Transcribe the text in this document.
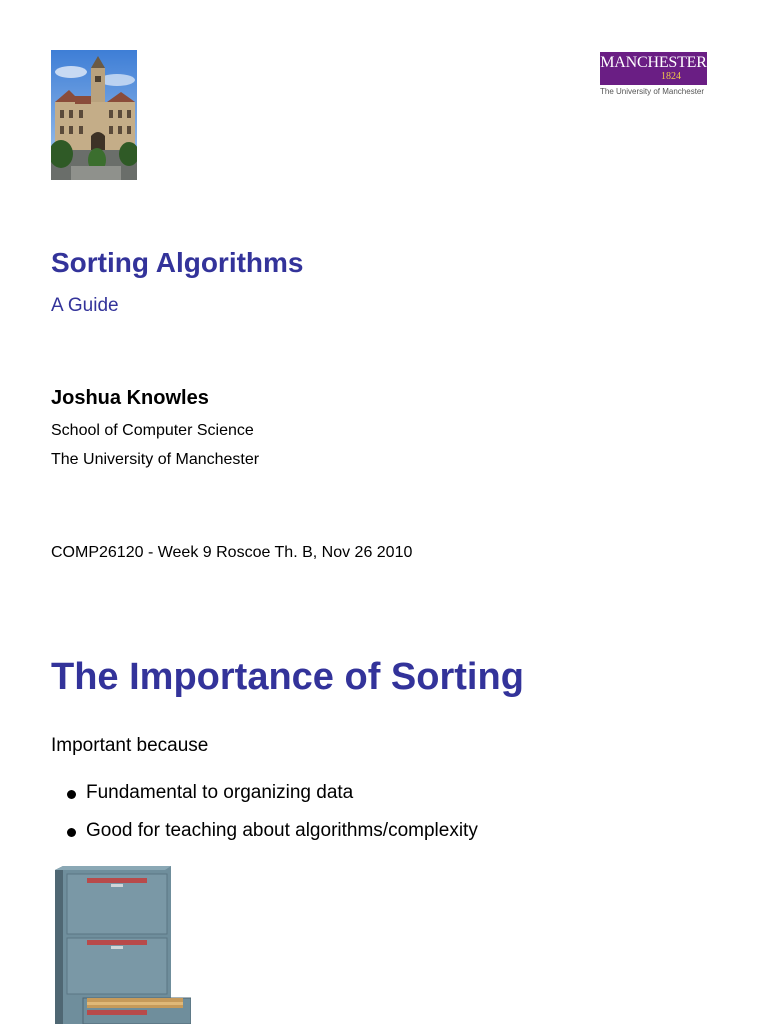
MANCHESTER
1824
The University of Manchester
Sorting Algorithms
A Guide
Joshua Knowles
School of Computer Science
The University of Manchester
COMP26120 - Week 9 Roscoe Th. B, Nov 26 2010
The Importance of Sorting
Important because
Fundamental to organizing data
Good for teaching about algorithms/complexity
